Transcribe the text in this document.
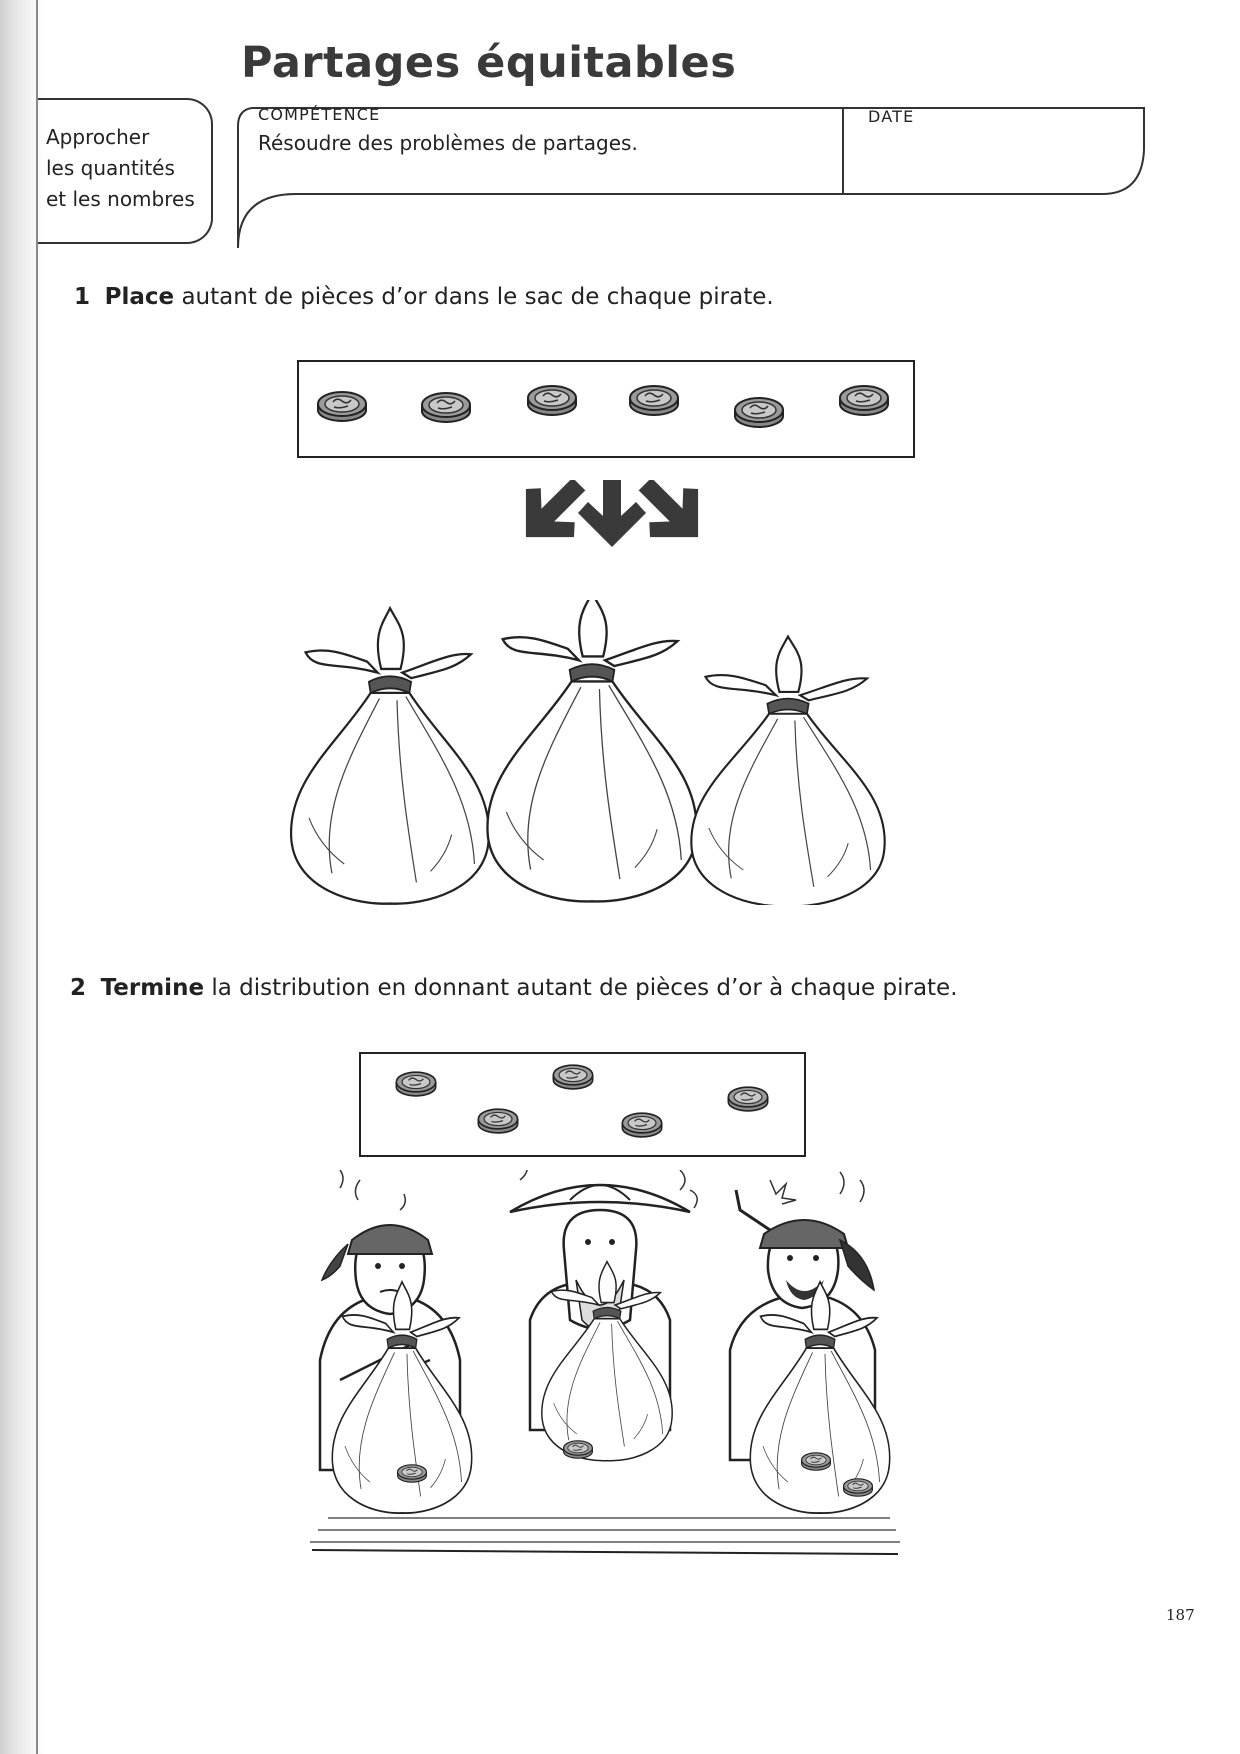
Partages équitables
Approcher
les quantités
et les nombres
COMPÉTENCE
Résoudre des problèmes de partages.
DATE
1 Place autant de pièces d’or dans le sac de chaque pirate.
2 Termine la distribution en donnant autant de pièces d’or à chaque pirate.
187
